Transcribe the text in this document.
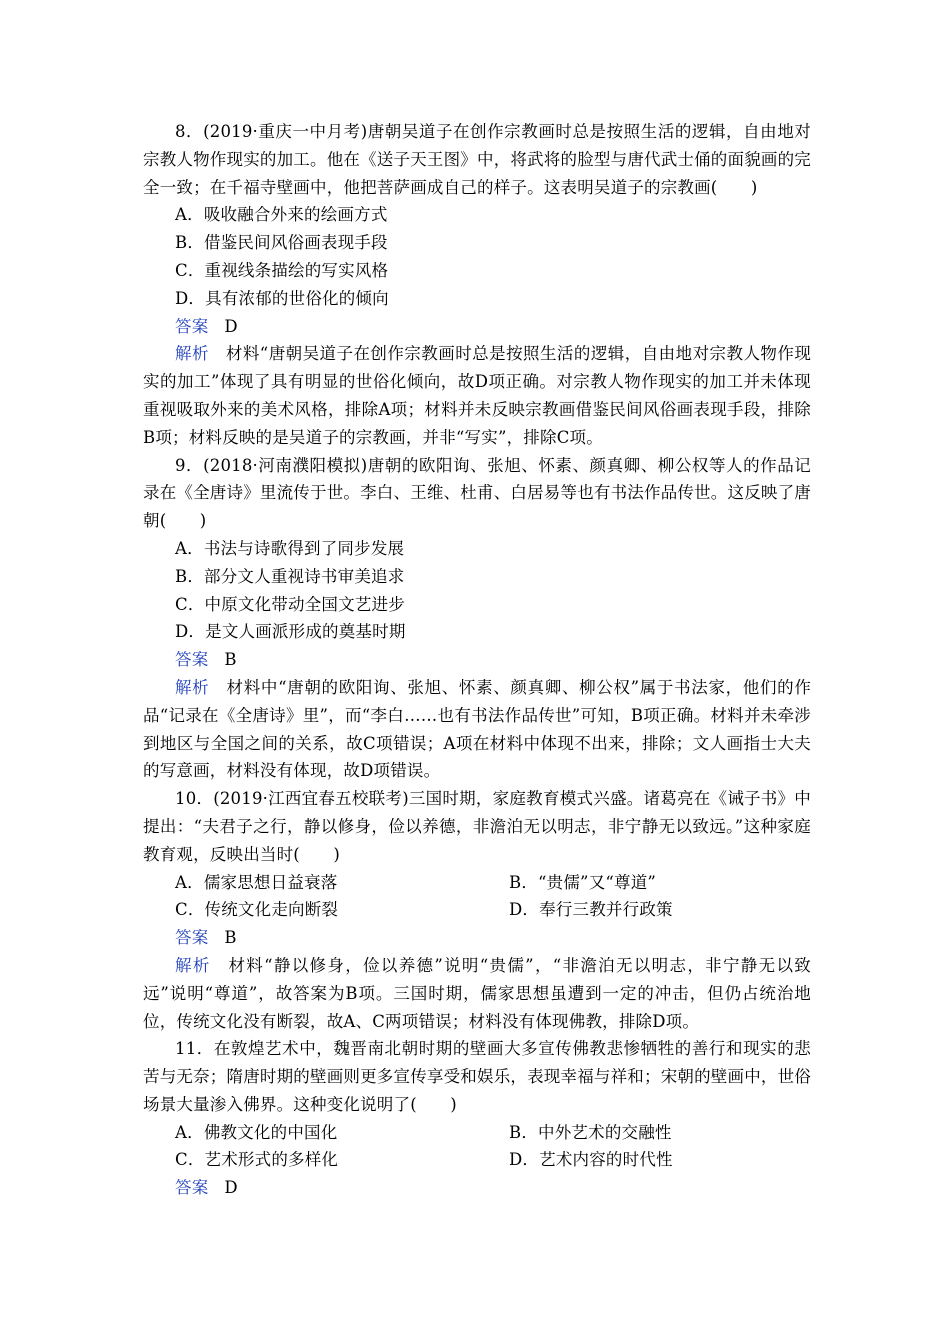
8．(2019·重庆一中月考)唐朝吴道子在创作宗教画时总是按照生活的逻辑，自由地对宗教人物作现实的加工。他在《送子天王图》中，将武将的脸型与唐代武士俑的面貌画的完全一致；在千福寺壁画中，他把菩萨画成自己的样子。这表明吴道子的宗教画(　　)
A．吸收融合外来的绘画方式
B．借鉴民间风俗画表现手段
C．重视线条描绘的写实风格
D．具有浓郁的世俗化的倾向
答案 D
解析　 材料“唐朝吴道子在创作宗教画时总是按照生活的逻辑，自由地对宗教人物作现实的加工”体现了具有明显的世俗化倾向，故D项正确。对宗教人物作现实的加工并未体现重视吸取外来的美术风格，排除A项；材料并未反映宗教画借鉴民间风俗画表现手段，排除B项；材料反映的是吴道子的宗教画，并非“写实”，排除C项。
9．(2018·河南濮阳模拟)唐朝的欧阳询、张旭、怀素、颜真卿、柳公权等人的作品记录在《全唐诗》里流传于世。李白、王维、杜甫、白居易等也有书法作品传世。这反映了唐朝(　　)
A．书法与诗歌得到了同步发展
B．部分文人重视诗书审美追求
C．中原文化带动全国文艺进步
D．是文人画派形成的奠基时期
答案 B
解析　 材料中“唐朝的欧阳询、张旭、怀素、颜真卿、柳公权”属于书法家，他们的作品“记录在《全唐诗》里”，而“李白……也有书法作品传世”可知，B项正确。材料并未牵涉到地区与全国之间的关系，故C项错误；A项在材料中体现不出来，排除；文人画指士大夫的写意画，材料没有体现，故D项错误。
10．(2019·江西宜春五校联考)三国时期，家庭教育模式兴盛。诸葛亮在《诫子书》中提出：“夫君子之行，静以修身，俭以养德，非澹泊无以明志，非宁静无以致远。”这种家庭教育观，反映出当时(　　)
A．儒家思想日益衰落	B．“贵儒”又“尊道”
C．传统文化走向断裂	D．奉行三教并行政策
答案 B
解析　 材料“静以修身，俭以养德”说明“贵儒”，“非澹泊无以明志，非宁静无以致远”说明“尊道”，故答案为B项。三国时期，儒家思想虽遭到一定的冲击，但仍占统治地位，传统文化没有断裂，故A、C两项错误；材料没有体现佛教，排除D项。
11．在敦煌艺术中，魏晋南北朝时期的壁画大多宣传佛教悲惨牺牲的善行和现实的悲苦与无奈；隋唐时期的壁画则更多宣传享受和娱乐，表现幸福与祥和；宋朝的壁画中，世俗场景大量渗入佛界。这种变化说明了(　　)
A．佛教文化的中国化	B．中外艺术的交融性
C．艺术形式的多样化	D．艺术内容的时代性
答案 D
